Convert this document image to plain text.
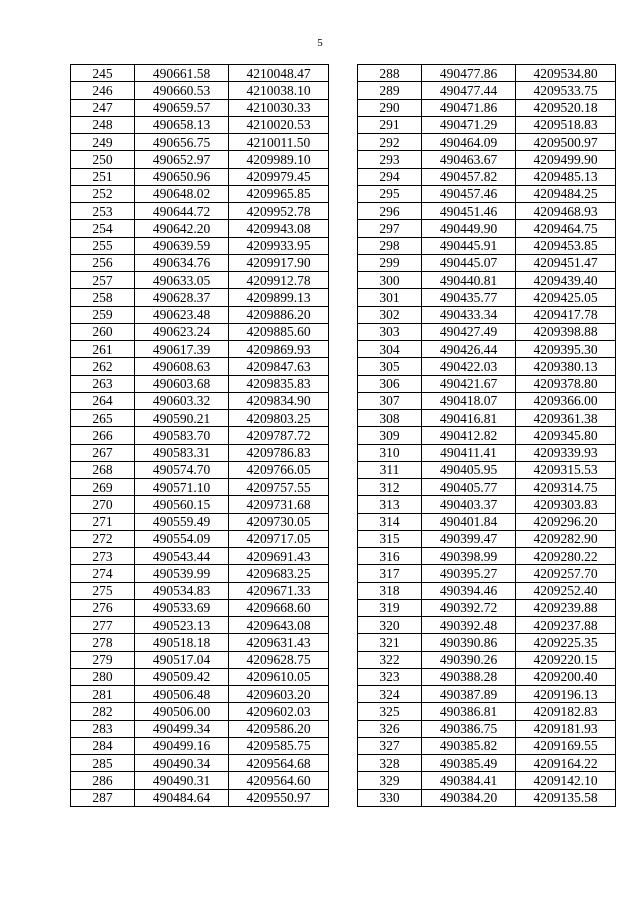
5
245	490661.58	4210048.47
246	490660.53	4210038.10
247	490659.57	4210030.33
248	490658.13	4210020.53
249	490656.75	4210011.50
250	490652.97	4209989.10
251	490650.96	4209979.45
252	490648.02	4209965.85
253	490644.72	4209952.78
254	490642.20	4209943.08
255	490639.59	4209933.95
256	490634.76	4209917.90
257	490633.05	4209912.78
258	490628.37	4209899.13
259	490623.48	4209886.20
260	490623.24	4209885.60
261	490617.39	4209869.93
262	490608.63	4209847.63
263	490603.68	4209835.83
264	490603.32	4209834.90
265	490590.21	4209803.25
266	490583.70	4209787.72
267	490583.31	4209786.83
268	490574.70	4209766.05
269	490571.10	4209757.55
270	490560.15	4209731.68
271	490559.49	4209730.05
272	490554.09	4209717.05
273	490543.44	4209691.43
274	490539.99	4209683.25
275	490534.83	4209671.33
276	490533.69	4209668.60
277	490523.13	4209643.08
278	490518.18	4209631.43
279	490517.04	4209628.75
280	490509.42	4209610.05
281	490506.48	4209603.20
282	490506.00	4209602.03
283	490499.34	4209586.20
284	490499.16	4209585.75
285	490490.34	4209564.68
286	490490.31	4209564.60
287	490484.64	4209550.97
288	490477.86	4209534.80
289	490477.44	4209533.75
290	490471.86	4209520.18
291	490471.29	4209518.83
292	490464.09	4209500.97
293	490463.67	4209499.90
294	490457.82	4209485.13
295	490457.46	4209484.25
296	490451.46	4209468.93
297	490449.90	4209464.75
298	490445.91	4209453.85
299	490445.07	4209451.47
300	490440.81	4209439.40
301	490435.77	4209425.05
302	490433.34	4209417.78
303	490427.49	4209398.88
304	490426.44	4209395.30
305	490422.03	4209380.13
306	490421.67	4209378.80
307	490418.07	4209366.00
308	490416.81	4209361.38
309	490412.82	4209345.80
310	490411.41	4209339.93
311	490405.95	4209315.53
312	490405.77	4209314.75
313	490403.37	4209303.83
314	490401.84	4209296.20
315	490399.47	4209282.90
316	490398.99	4209280.22
317	490395.27	4209257.70
318	490394.46	4209252.40
319	490392.72	4209239.88
320	490392.48	4209237.88
321	490390.86	4209225.35
322	490390.26	4209220.15
323	490388.28	4209200.40
324	490387.89	4209196.13
325	490386.81	4209182.83
326	490386.75	4209181.93
327	490385.82	4209169.55
328	490385.49	4209164.22
329	490384.41	4209142.10
330	490384.20	4209135.58
